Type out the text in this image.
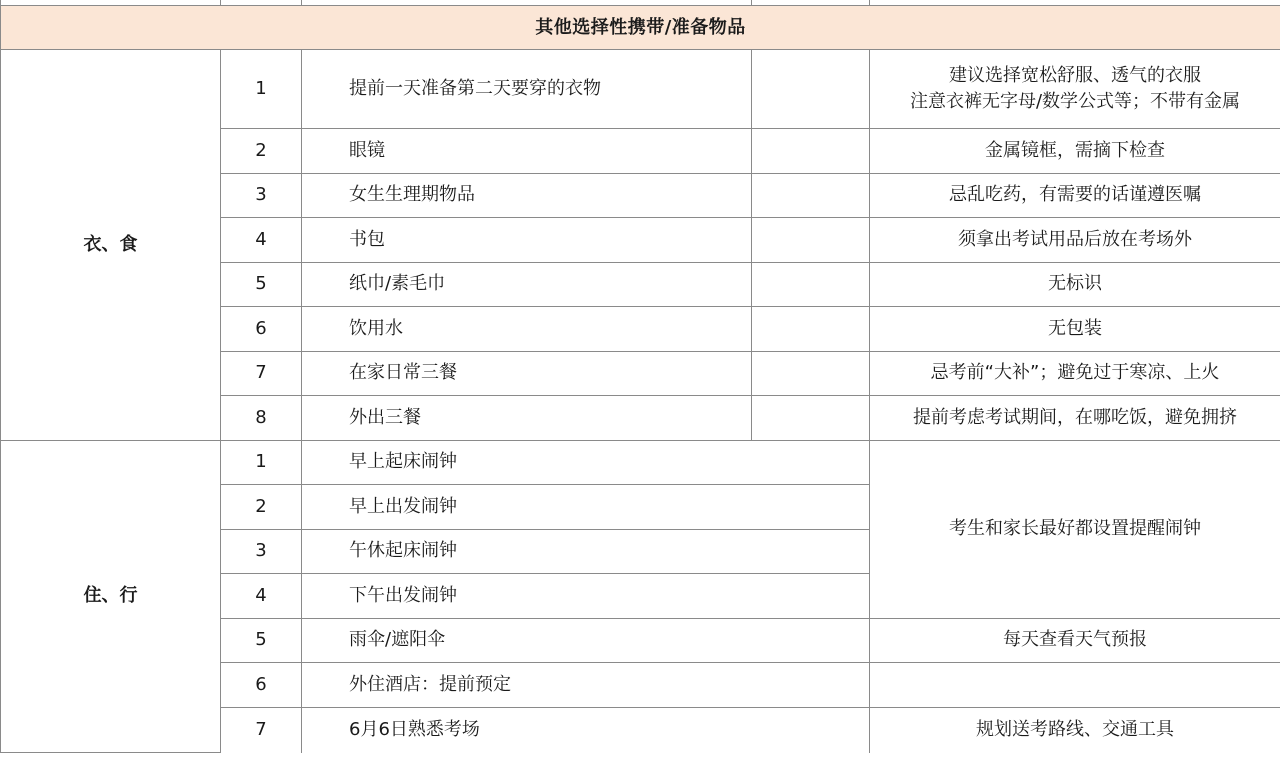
其他选择性携带/准备物品				
衣、食	1	提前一天准备第二天要穿的衣物		建议选择宽松舒服、透气的衣服
注意衣裤无字母/数学公式等；不带有金属

	2	眼镜		金属镜框，需摘下检查
	3	女生生理期物品		忌乱吃药，有需要的话谨遵医嘱
	4	书包		须拿出考试用品后放在考场外
	5	纸巾/素毛巾		无标识
	6	饮用水		无包装
	7	在家日常三餐		忌考前“大补”；避免过于寒凉、上火
	8	外出三餐		提前考虑考试期间，在哪吃饭，避免拥挤
住、行	1	早上起床闹钟		考生和家长最好都设置提醒闹钟
	2	早上出发闹钟		
	3	午休起床闹钟		
	4	下午出发闹钟		
	5	雨伞/遮阳伞		每天查看天气预报
	6	外住酒店：提前预定		
	7	6月6日熟悉考场		规划送考路线、交通工具
